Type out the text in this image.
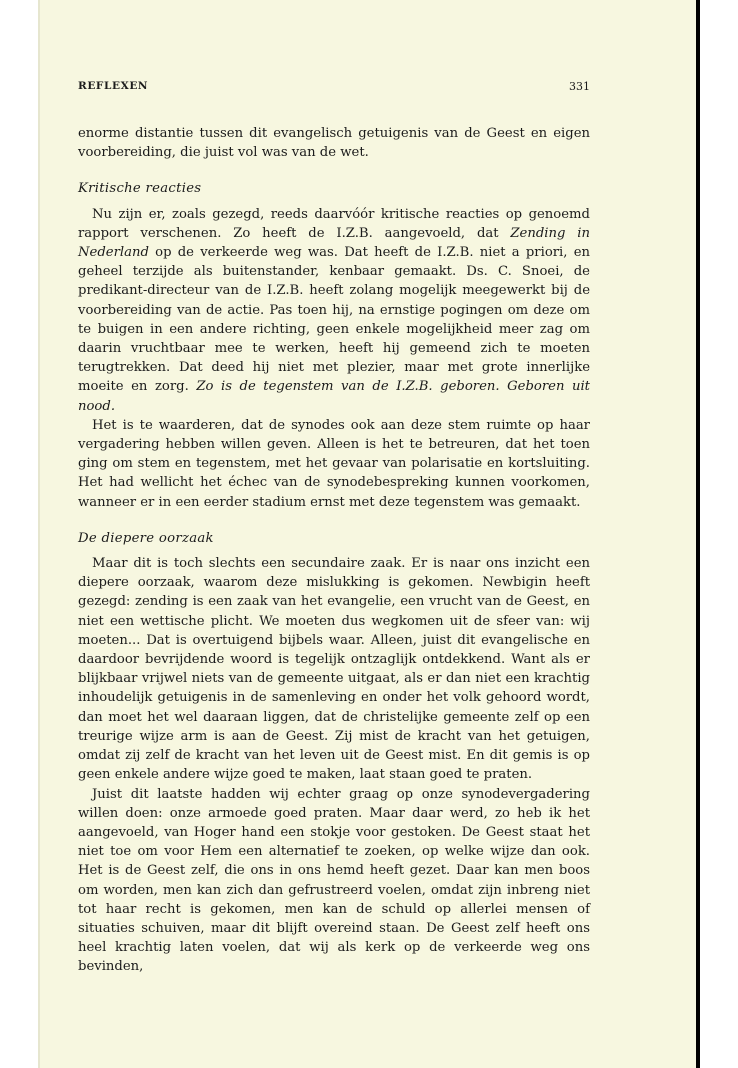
REFLEXEN	331

enorme distantie tussen dit evangelisch getuigenis van de Geest en eigen voorbereiding, die juist vol was van de wet.

Kritische reacties

Nu zijn er, zoals gezegd, reeds daarvóór kritische reacties op genoemd rapport verschenen. Zo heeft de I.Z.B. aangevoeld, dat Zending in Nederland op de verkeerde weg was. Dat heeft de I.Z.B. niet a priori, en geheel terzijde als buitenstander, kenbaar gemaakt. Ds. C. Snoei, de predikant-directeur van de I.Z.B. heeft zolang mogelijk meegewerkt bij de voorbereiding van de actie. Pas toen hij, na ernstige pogingen om deze om te buigen in een andere richting, geen enkele mogelijkheid meer zag om daarin vruchtbaar mee te werken, heeft hij gemeend zich te moeten terugtrekken. Dat deed hij niet met plezier, maar met grote innerlijke moeite en zorg. Zo is de tegenstem van de I.Z.B. geboren. Geboren uit nood.

Het is te waarderen, dat de synodes ook aan deze stem ruimte op haar vergadering hebben willen geven. Alleen is het te betreuren, dat het toen ging om stem en tegenstem, met het gevaar van polarisatie en kortsluiting. Het had wellicht het échec van de synodebespreking kunnen voorkomen, wanneer er in een eerder stadium ernst met deze tegenstem was gemaakt.

De diepere oorzaak

Maar dit is toch slechts een secundaire zaak. Er is naar ons inzicht een diepere oorzaak, waarom deze mislukking is gekomen. Newbigin heeft gezegd: zending is een zaak van het evangelie, een vrucht van de Geest, en niet een wettische plicht. We moeten dus wegkomen uit de sfeer van: wij moeten... Dat is overtuigend bijbels waar. Alleen, juist dit evangelische en daardoor bevrijdende woord is tegelijk ontzaglijk ontdekkend. Want als er blijkbaar vrijwel niets van de gemeente uitgaat, als er dan niet een krachtig inhoudelijk getuigenis in de samenleving en onder het volk gehoord wordt, dan moet het wel daaraan liggen, dat de christelijke gemeente zelf op een treurige wijze arm is aan de Geest. Zij mist de kracht van het getuigen, omdat zij zelf de kracht van het leven uit de Geest mist. En dit gemis is op geen enkele andere wijze goed te maken, laat staan goed te praten.

Juist dit laatste hadden wij echter graag op onze synodevergadering willen doen: onze armoede goed praten. Maar daar werd, zo heb ik het aangevoeld, van Hoger hand een stokje voor gestoken. De Geest staat het niet toe om voor Hem een alternatief te zoeken, op welke wijze dan ook. Het is de Geest zelf, die ons in ons hemd heeft gezet. Daar kan men boos om worden, men kan zich dan gefrustreerd voelen, omdat zijn inbreng niet tot haar recht is gekomen, men kan de schuld op allerlei mensen of situaties schuiven, maar dit blijft overeind staan. De Geest zelf heeft ons heel krachtig laten voelen, dat wij als kerk op de verkeerde weg ons bevinden,
